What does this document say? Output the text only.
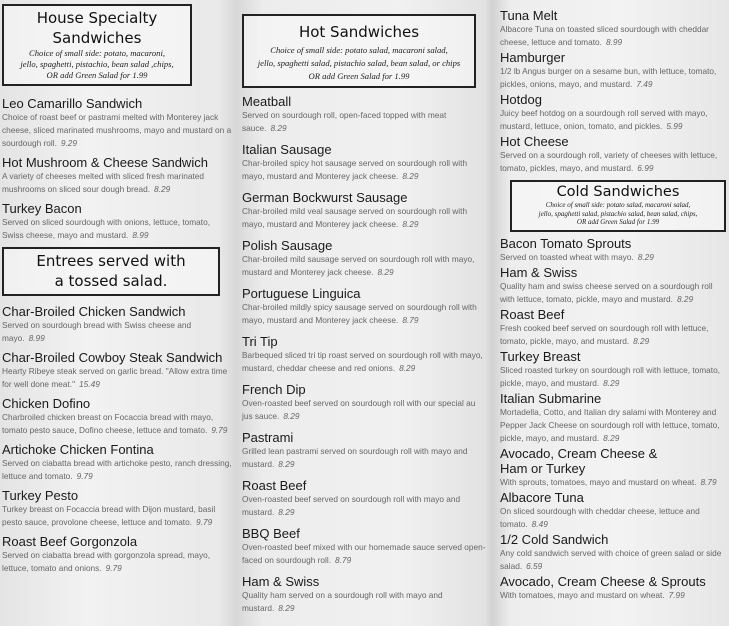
House Specialty
Sandwiches
Choice of small side: potato, macaroni,
jello, spaghetti, pistachio, bean salad ,chips,
OR add Green Salad for 1.99
Leo Camarillo Sandwich
Choice of roast beef or pastrami melted with Monterey jack cheese, sliced marinated mushrooms, mayo and mustard on a sourdough roll. 9.29
Hot Mushroom & Cheese Sandwich
A variety of cheeses melted with sliced fresh marinated mushrooms on sliced sour dough bread. 8.29
Turkey Bacon
Served on sliced sourdough with onions, lettuce, tomato, Swiss cheese, mayo and mustard. 8.99
Entrees served with
a tossed salad.
Char-Broiled Chicken Sandwich
Served on sourdough bread with Swiss cheese and mayo. 8.99
Char-Broiled Cowboy Steak Sandwich
Hearty Ribeye steak served on garlic bread. "Allow extra time for well done meat." 15.49
Chicken Dofino
Charbroiled chicken breast on Focaccia bread with mayo, tomato pesto sauce, Dofino cheese, lettuce and tomato. 9.79
Artichoke Chicken Fontina
Served on ciabatta bread with artichoke pesto, ranch dressing, lettuce and tomato. 9.79
Turkey Pesto
Turkey breast on Focaccia bread with Dijon mustard, basil pesto sauce, provolone cheese, lettuce and tomato. 9.79
Roast Beef Gorgonzola
Served on ciabatta bread with gorgonzola spread, mayo, lettuce, tomato and onions. 9.79
Hot Sandwiches
Choice of small side: potato salad, macaroni salad,
jello, spaghetti salad, pistachio salad, bean salad, or chips
OR add Green Salad for 1.99
Meatball
Served on sourdough roll, open-faced topped with meat sauce. 8.29
Italian Sausage
Char-broiled spicy hot sausage served on sourdough roll with mayo, mustard and Monterey jack cheese. 8.29
German Bockwurst Sausage
Char-broiled mild veal sausage served on sourdough roll with mayo, mustard and Monterey jack cheese. 8.29
Polish Sausage
Char-broiled mild sausage served on sourdough roll with mayo, mustard and Monterey jack cheese. 8.29
Portuguese Linguica
Char-broiled mildly spicy sausage served on sourdough roll with mayo, mustard and Monterey jack cheese. 8.79
Tri Tip
Barbequed sliced tri tip roast served on sourdough roll with mayo, mustard, cheddar cheese and red onions. 8.29
French Dip
Oven-roasted beef served on sourdough roll with our special au jus sauce. 8.29
Pastrami
Grilled lean pastrami served on sourdough roll with mayo and mustard. 8.29
Roast Beef
Oven-roasted beef served on sourdough roll with mayo and mustard. 8.29
BBQ Beef
Oven-roasted beef mixed with our homemade sauce served open-faced on sourdough roll. 8.79
Ham & Swiss
Quality ham served on a sourdough roll with mayo and mustard. 8.29
Tuna Melt
Albacore Tuna on toasted sliced sourdough with cheddar cheese, lettuce and tomato. 8.99
Hamburger
1/2 lb Angus burger on a sesame bun, with lettuce, tomato, pickles, onions, mayo, and mustard. 7.49
Hotdog
Juicy beef hotdog on a sourdough roll served with mayo, mustard, lettuce, onion, tomato, and pickles. 5.99
Hot Cheese
Served on a sourdough roll, variety of cheeses with lettuce, tomato, pickles, mayo, and mustard. 6.99
Cold Sandwiches
Choice of small side: potato salad, macaroni salad,
jello, spaghetti salad, pistachio salad, bean salad, chips,
OR add Green Salad for 1.99
Bacon Tomato Sprouts
Served on toasted wheat with mayo. 8.29
Ham & Swiss
Quality ham and swiss cheese served on a sourdough roll with lettuce, tomato, pickle, mayo and mustard. 8.29
Roast Beef
Fresh cooked beef served on sourdough roll with lettuce, tomato, pickle, mayo, and mustard. 8.29
Turkey Breast
Sliced roasted turkey on sourdough roll with lettuce, tomato, pickle, mayo, and mustard. 8.29
Italian Submarine
Mortadella, Cotto, and Italian dry salami with Monterey and Pepper Jack Cheese on sourdough roll with lettuce, tomato, pickle, mayo, and mustard. 8.29
Avocado, Cream Cheese & Ham or Turkey
With sprouts, tomatoes, mayo and mustard on wheat. 8.79
Albacore Tuna
On sliced sourdough with cheddar cheese, lettuce and tomato. 8.49
1/2 Cold Sandwich
Any cold sandwich served with choice of green salad or side salad. 6.59
Avocado, Cream Cheese & Sprouts
With tomatoes, mayo and mustard on wheat. 7.99
